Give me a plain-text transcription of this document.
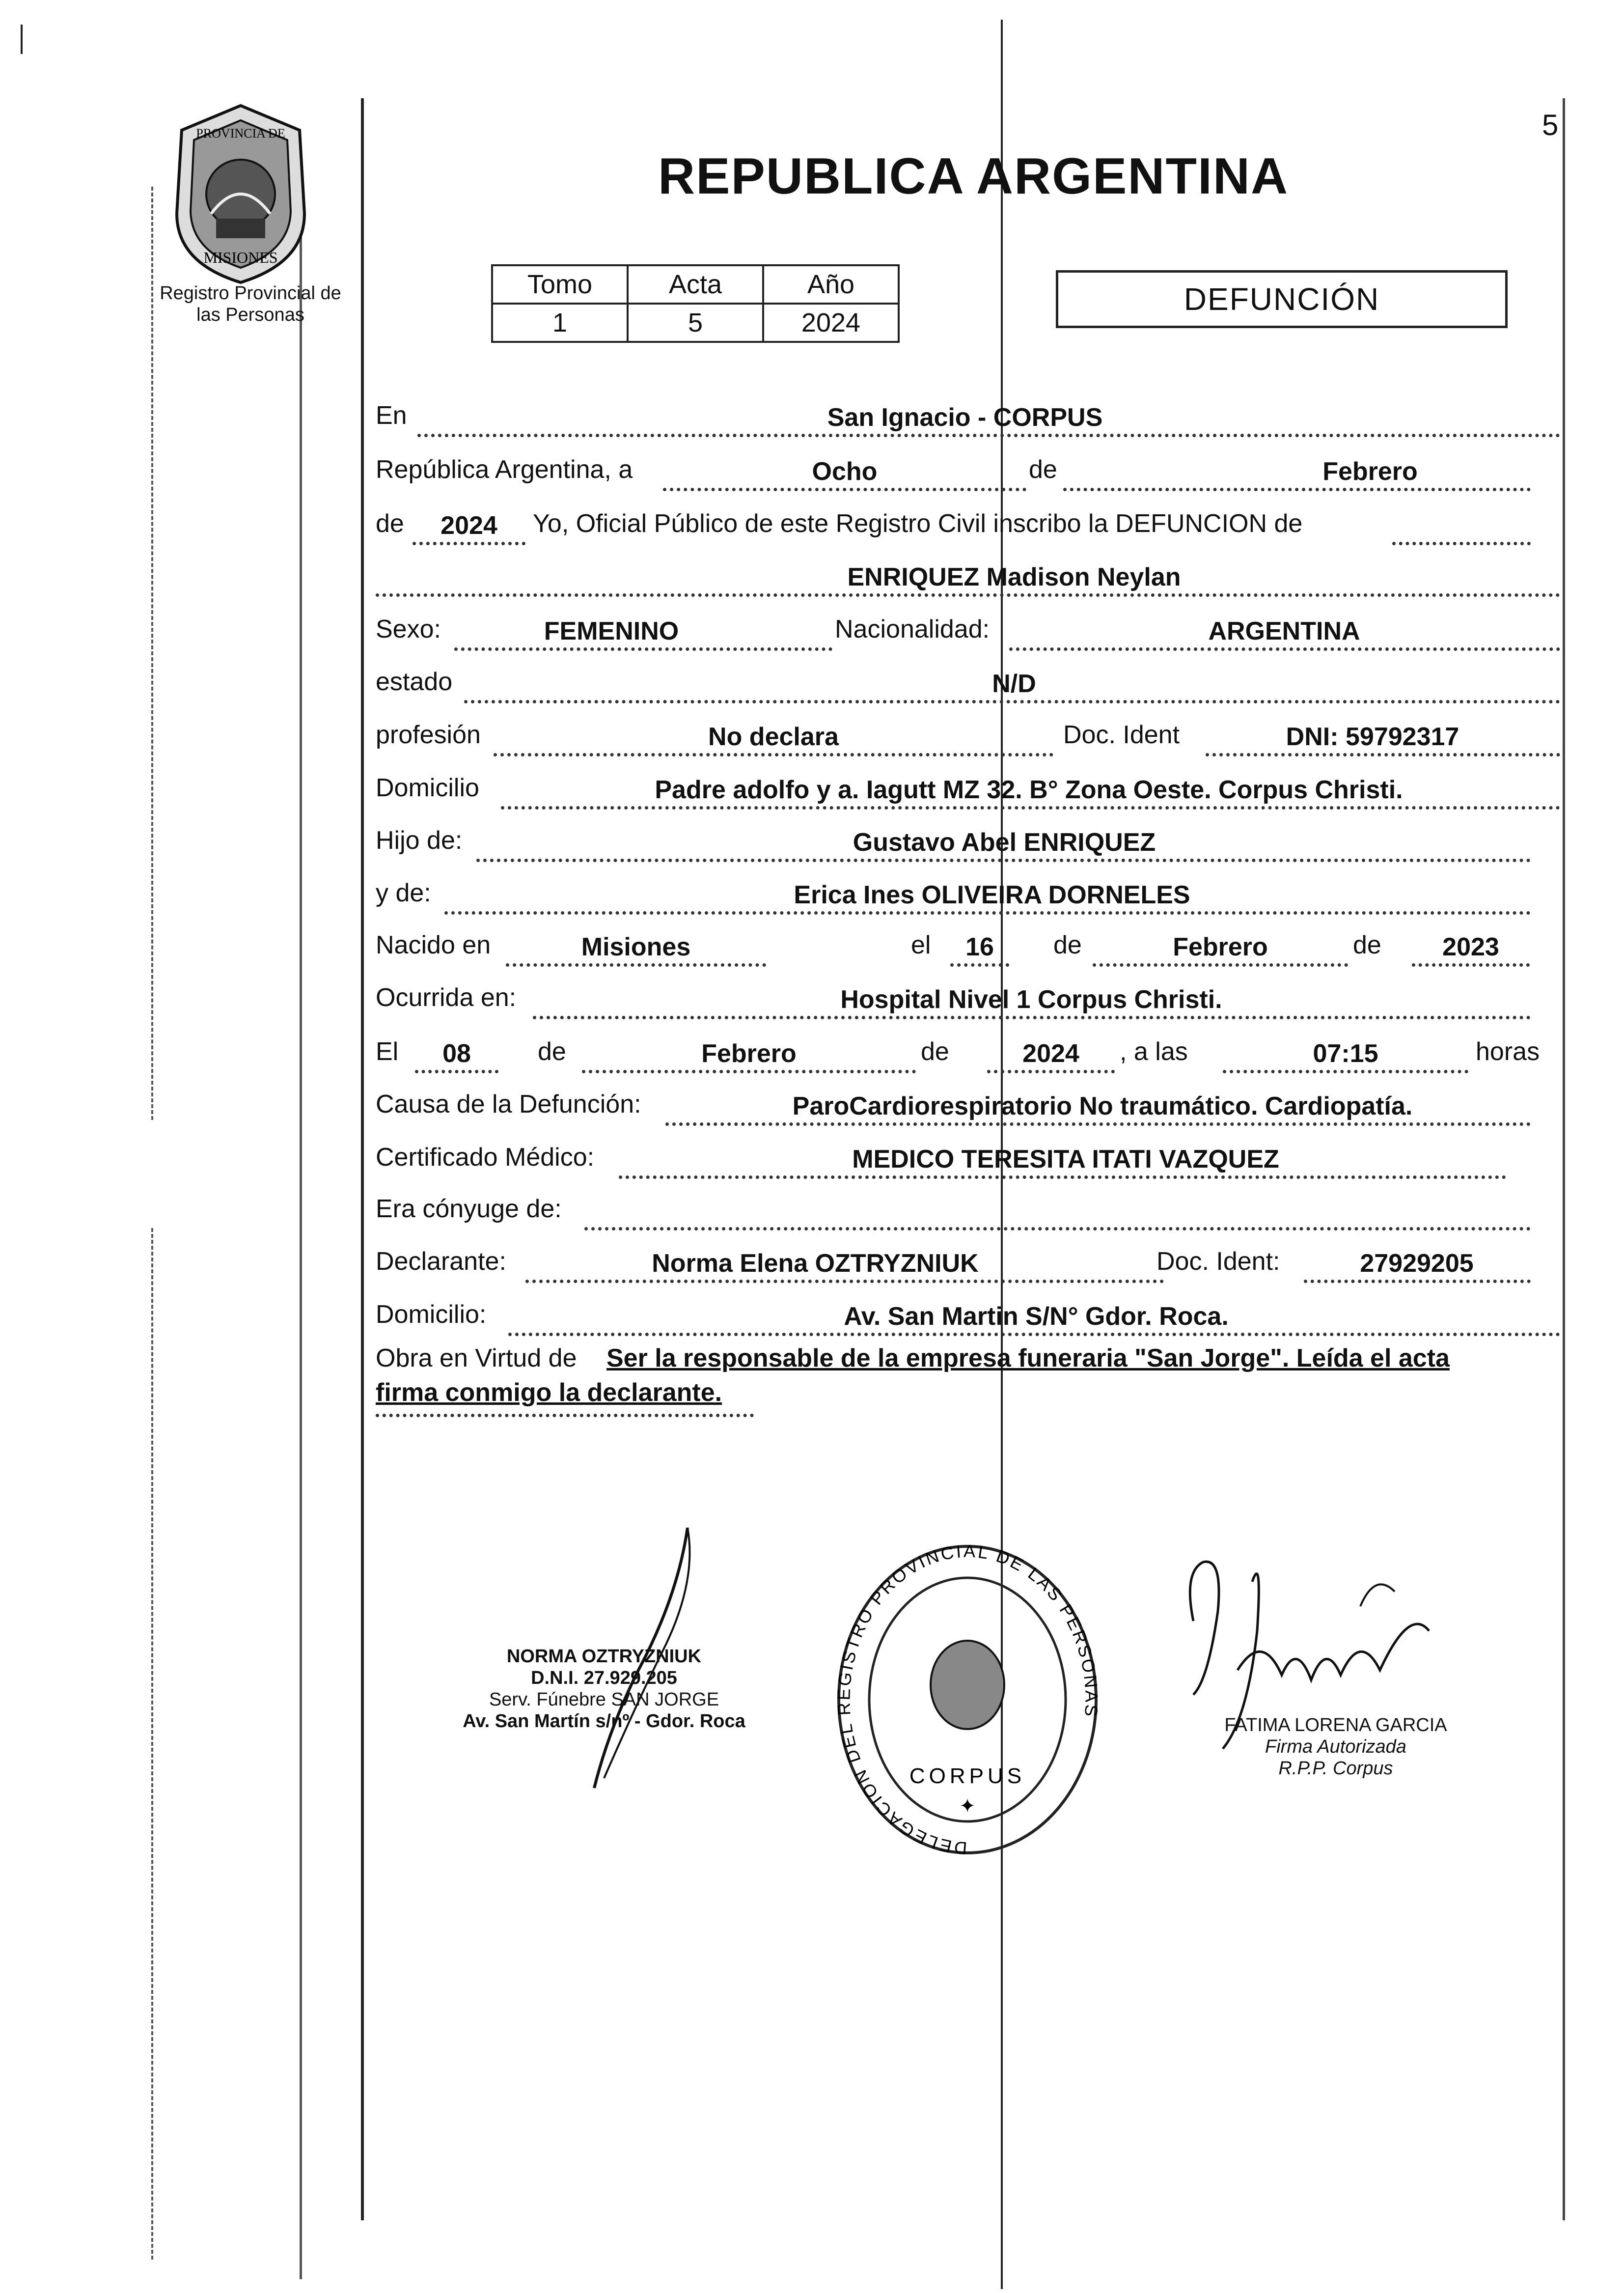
5
PROVINCIA DE
MISIONES
Registro Provincial de
las Personas
REPUBLICA ARGENTINA
Tomo	Acta	Año
1	5	2024
DEFUNCIÓN
En	San Ignacio - CORPUS
República Argentina, a	Ocho	de	Febrero
de	2024	Yo, Oficial Público de este Registro Civil inscribo la DEFUNCION de
ENRIQUEZ Madison Neylan
Sexo:	FEMENINO	Nacionalidad:	ARGENTINA
estado	N/D
profesión	No declara	Doc. Ident	DNI: 59792317
Domicilio	Padre adolfo y a. Iagutt MZ 32. B° Zona Oeste. Corpus Christi.
Hijo de:	Gustavo Abel ENRIQUEZ
y de:	Erica Ines OLIVEIRA DORNELES
Nacido en	Misiones	el	16	de	Febrero	de	2023
Ocurrida en:	Hospital Nivel 1 Corpus Christi.
El	08	de	Febrero	de	2024	, a las	07:15	horas
Causa de la Defunción:	ParoCardiorespiratorio No traumático. Cardiopatía.
Certificado Médico:	MEDICO TERESITA ITATI VAZQUEZ
Era cónyuge de:
Declarante:	Norma Elena OZTRYZNIUK	Doc. Ident:	27929205
Domicilio:	Av. San Martin S/N° Gdor. Roca.
Obra en Virtud de Ser la responsable de la empresa funeraria "San Jorge". Leída el acta
firma conmigo la declarante.
NORMA OZTRYZNIUK
D.N.I. 27.929.205
Serv. Fúnebre SAN JORGE
Av. San Martín s/nº - Gdor. Roca
DELEGACION DEL REGISTRO PROVINCIAL DE LAS PERSONAS
CORPUS
✦
FATIMA LORENA GARCIA
Firma Autorizada
R.P.P. Corpus
